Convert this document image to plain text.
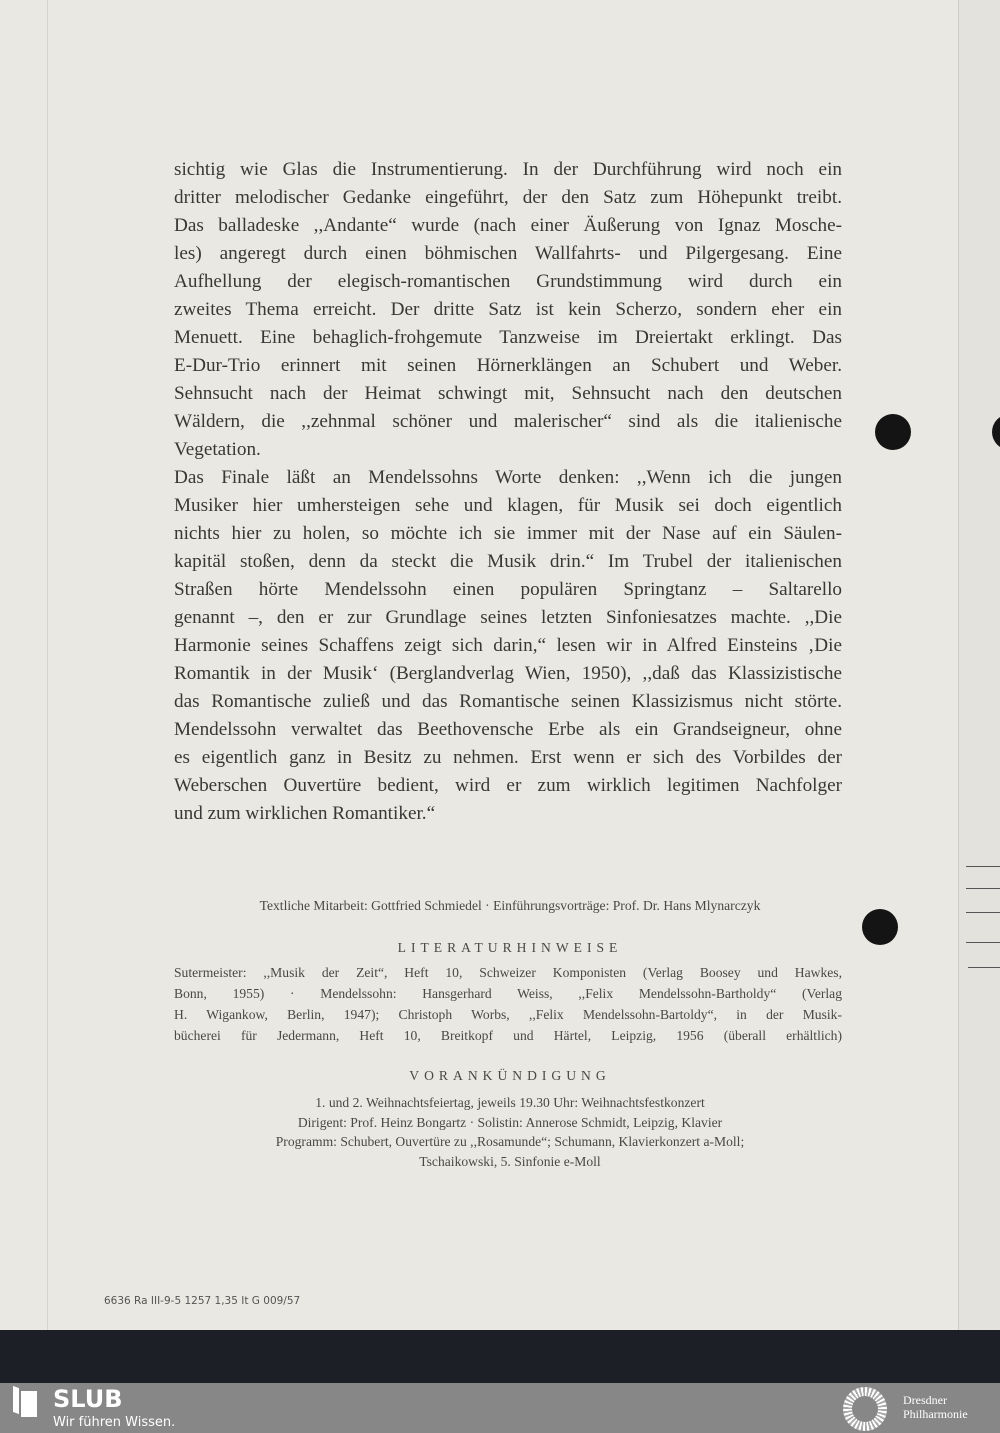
sichtig wie Glas die Instrumentierung. In der Durchführung wird noch ein
dritter melodischer Gedanke eingeführt, der den Satz zum Höhepunkt treibt.
Das balladeske ,,Andante“ wurde (nach einer Äußerung von Ignaz Mosche-
les) angeregt durch einen böhmischen Wallfahrts- und Pilgergesang. Eine
Aufhellung der elegisch-romantischen Grundstimmung wird durch ein
zweites Thema erreicht. Der dritte Satz ist kein Scherzo, sondern eher ein
Menuett. Eine behaglich-frohgemute Tanzweise im Dreiertakt erklingt. Das
E-Dur-Trio erinnert mit seinen Hörnerklängen an Schubert und Weber.
Sehnsucht nach der Heimat schwingt mit, Sehnsucht nach den deutschen
Wäldern, die ,,zehnmal schöner und malerischer“ sind als die italienische
Vegetation.
Das Finale läßt an Mendelssohns Worte denken: ,,Wenn ich die jungen
Musiker hier umhersteigen sehe und klagen, für Musik sei doch eigentlich
nichts hier zu holen, so möchte ich sie immer mit der Nase auf ein Säulen-
kapitäl stoßen, denn da steckt die Musik drin.“ Im Trubel der italienischen
Straßen hörte Mendelssohn einen populären Springtanz – Saltarello
genannt –, den er zur Grundlage seines letzten Sinfoniesatzes machte. ,,Die
Harmonie seines Schaffens zeigt sich darin,“ lesen wir in Alfred Einsteins ‚Die
Romantik in der Musik‘ (Berglandverlag Wien, 1950), ,,daß das Klassizistische
das Romantische zuließ und das Romantische seinen Klassizismus nicht störte.
Mendelssohn verwaltet das Beethovensche Erbe als ein Grandseigneur, ohne
es eigentlich ganz in Besitz zu nehmen. Erst wenn er sich des Vorbildes der
Weberschen Ouvertüre bedient, wird er zum wirklich legitimen Nachfolger
und zum wirklichen Romantiker.“
Textliche Mitarbeit: Gottfried Schmiedel · Einführungsvorträge: Prof. Dr. Hans Mlynarczyk
LITERATURHINWEISE
Sutermeister: ,,Musik der Zeit“, Heft 10, Schweizer Komponisten (Verlag Boosey und Hawkes,
Bonn, 1955) · Mendelssohn: Hansgerhard Weiss, ,,Felix Mendelssohn-Bartholdy“ (Verlag
H. Wigankow, Berlin, 1947); Christoph Worbs, ,,Felix Mendelssohn-Bartoldy“, in der Musik-
bücherei für Jedermann, Heft 10, Breitkopf und Härtel, Leipzig, 1956 (überall erhältlich)
VORANKÜNDIGUNG
1. und 2. Weihnachtsfeiertag, jeweils 19.30 Uhr: Weihnachtsfestkonzert
Dirigent: Prof. Heinz Bongartz · Solistin: Annerose Schmidt, Leipzig, Klavier
Programm: Schubert, Ouvertüre zu ,,Rosamunde“; Schumann, Klavierkonzert a-Moll;
Tschaikowski, 5. Sinfonie e-Moll
6636 Ra III-9-5 1257 1,35 It G 009/57
SLUB
Wir führen Wissen.
Dresdner
Philharmonie
